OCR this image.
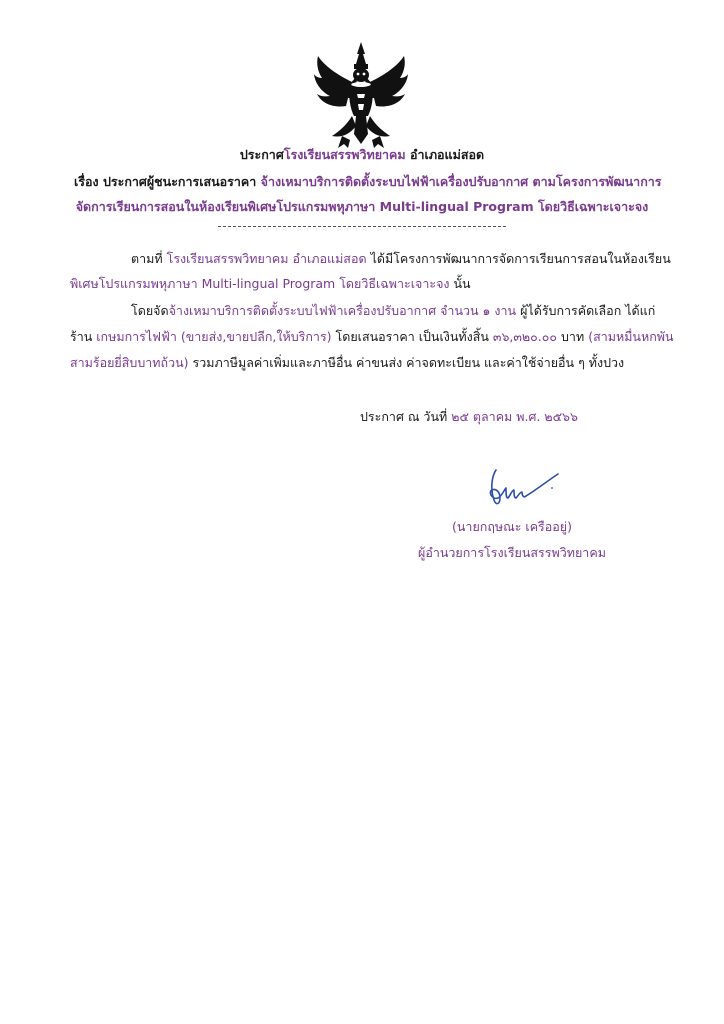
ประกาศโรงเรียนสรรพวิทยาคม อำเภอแม่สอด
เรื่อง ประกาศผู้ชนะการเสนอราคา จ้างเหมาบริการติดตั้งระบบไฟฟ้าเครื่องปรับอากาศ ตามโครงการพัฒนาการ
จัดการเรียนการสอนในห้องเรียนพิเศษโปรแกรมพหุภาษา Multi-lingual Program โดยวิธีเฉพาะเจาะจง
ตามที่ โรงเรียนสรรพวิทยาคม อำเภอแม่สอด ได้มีโครงการพัฒนาการจัดการเรียนการสอนในห้องเรียน
พิเศษโปรแกรมพหุภาษา Multi-lingual Program โดยวิธีเฉพาะเจาะจง นั้น
โดยจัดจ้างเหมาบริการติดตั้งระบบไฟฟ้าเครื่องปรับอากาศ จำนวน ๑ งาน ผู้ได้รับการคัดเลือก ได้แก่
ร้าน เกษมการไฟฟ้า (ขายส่ง,ขายปลีก,ให้บริการ) โดยเสนอราคา เป็นเงินทั้งสิ้น ๓๖,๓๒๐.๐๐ บาท (สามหมื่นหกพัน
สามร้อยยี่สิบบาทถ้วน) รวมภาษีมูลค่าเพิ่มและภาษีอื่น ค่าขนส่ง ค่าจดทะเบียน และค่าใช้จ่ายอื่น ๆ ทั้งปวง
ประกาศ ณ วันที่ ๒๕ ตุลาคม พ.ศ. ๒๕๖๖
(นายกฤษณะ เครืออยู่)
ผู้อำนวยการโรงเรียนสรรพวิทยาคม
